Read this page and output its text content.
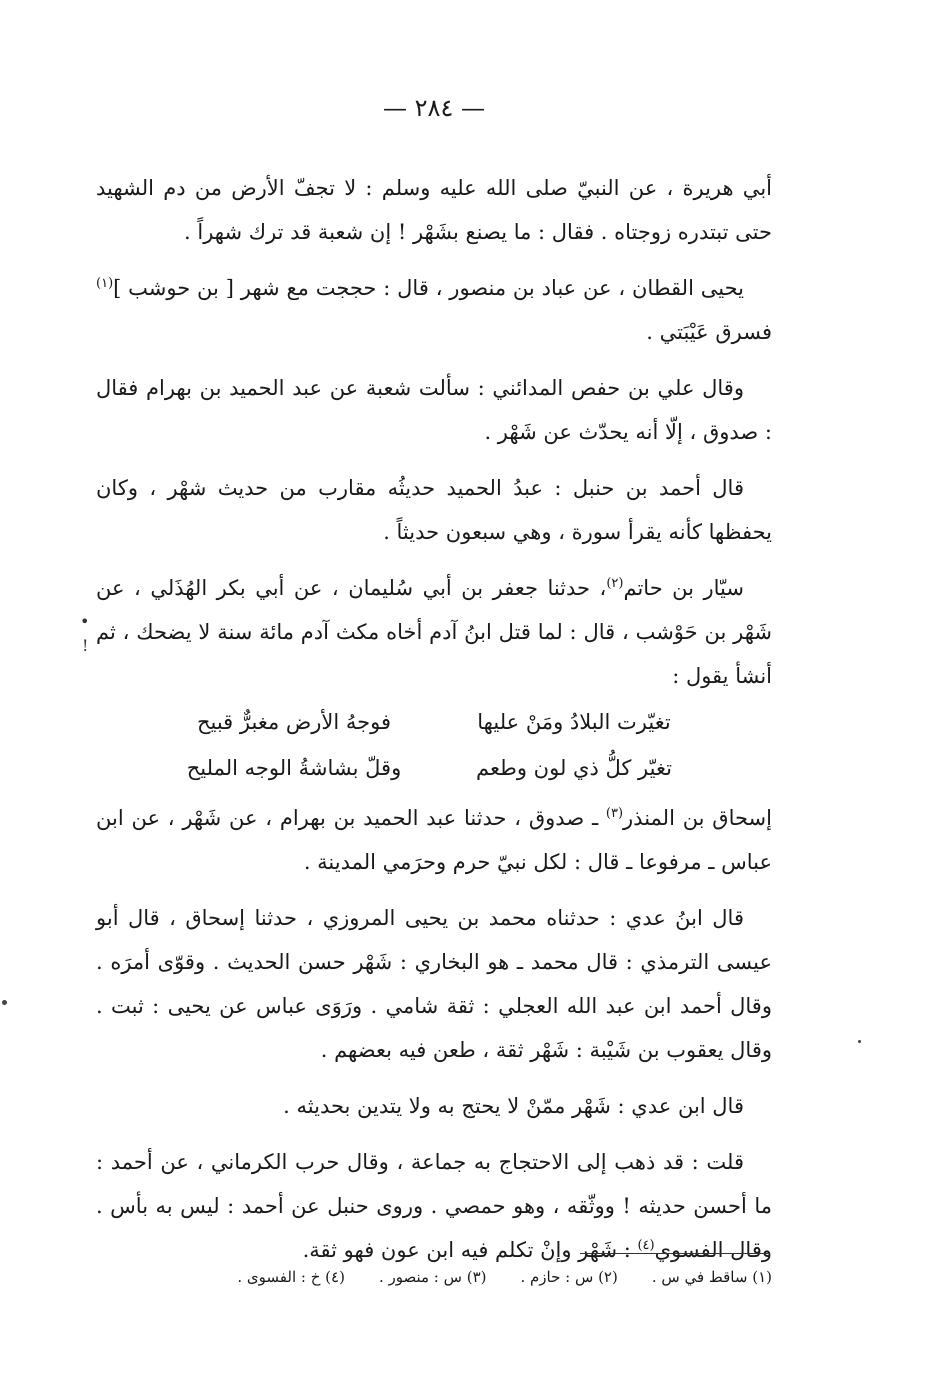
— ٢٨٤ —

أبي هريرة ، عن النبيّ صلى الله عليه وسلم : لا تجفّ الأرض من دم الشهيد حتى تبتدره زوجتاه . فقال : ما يصنع بشَهْر ! إن شعبة قد ترك شهراً .

يحيى القطان ، عن عباد بن منصور ، قال : حججت مع شهر [ بن حوشب ]$^{(١)}$ فسرق عَيْبَتي .

وقال علي بن حفص المدائني : سألت شعبة عن عبد الحميد بن بهرام فقال : صدوق ، إلّا أنه يحدّث عن شَهْر .

قال أحمد بن حنبل : عبدُ الحميد حديثُه مقارب من حديث شهْر ، وكان يحفظها كأنه يقرأ سورة ، وهي سبعون حديثاً .

سيّار بن حاتم$^{(٢)}$، حدثنا جعفر بن أبي سُليمان ، عن أبي بكر الهُذَلي ، عن شَهْر بن حَوْشب ، قال : لما قتل ابنُ آدم أخاه مكث آدم مائة سنة لا يضحك ، ثم أنشأ يقول :

تغيّرت البلادُ ومَنْ عليها
فوجهُ الأرض مغبرٌّ قبيح
تغيّر كلُّ ذي لون وطعم
وقلّ بشاشةُ الوجه المليح

إسحاق بن المنذر$^{(٣)}$ ـ صدوق ، حدثنا عبد الحميد بن بهرام ، عن شَهْر ، عن ابن عباس ـ مرفوعا ـ قال : لكل نبيّ حرم وحرَمي المدينة .

قال ابنُ عدي : حدثناه محمد بن يحيى المروزي ، حدثنا إسحاق ، قال أبو عيسى الترمذي : قال محمد ـ هو البخاري : شَهْر حسن الحديث . وقوّى أمرَه . وقال أحمد ابن عبد الله العجلي : ثقة شامي . ورَوَى عباس عن يحيى : ثبت . وقال يعقوب بن شَيْبة : شَهْر ثقة ، طعن فيه بعضهم .

قال ابن عدي : شَهْر ممّنْ لا يحتج به ولا يتدين بحديثه .

قلت : قد ذهب إلى الاحتجاج به جماعة ، وقال حرب الكرماني ، عن أحمد : ما أحسن حديثه ! ووثّقه ، وهو حمصي . وروى حنبل عن أحمد : ليس به بأس . وقال الفسوي$^{(٤)}$ : شَهْر وإنْ تكلم فيه ابن عون فهو ثقة.

(١) ساقط في س .
(٢) س : حازم .
(٣) س : منصور .
(٤) خ : الفسوى .
•
!
